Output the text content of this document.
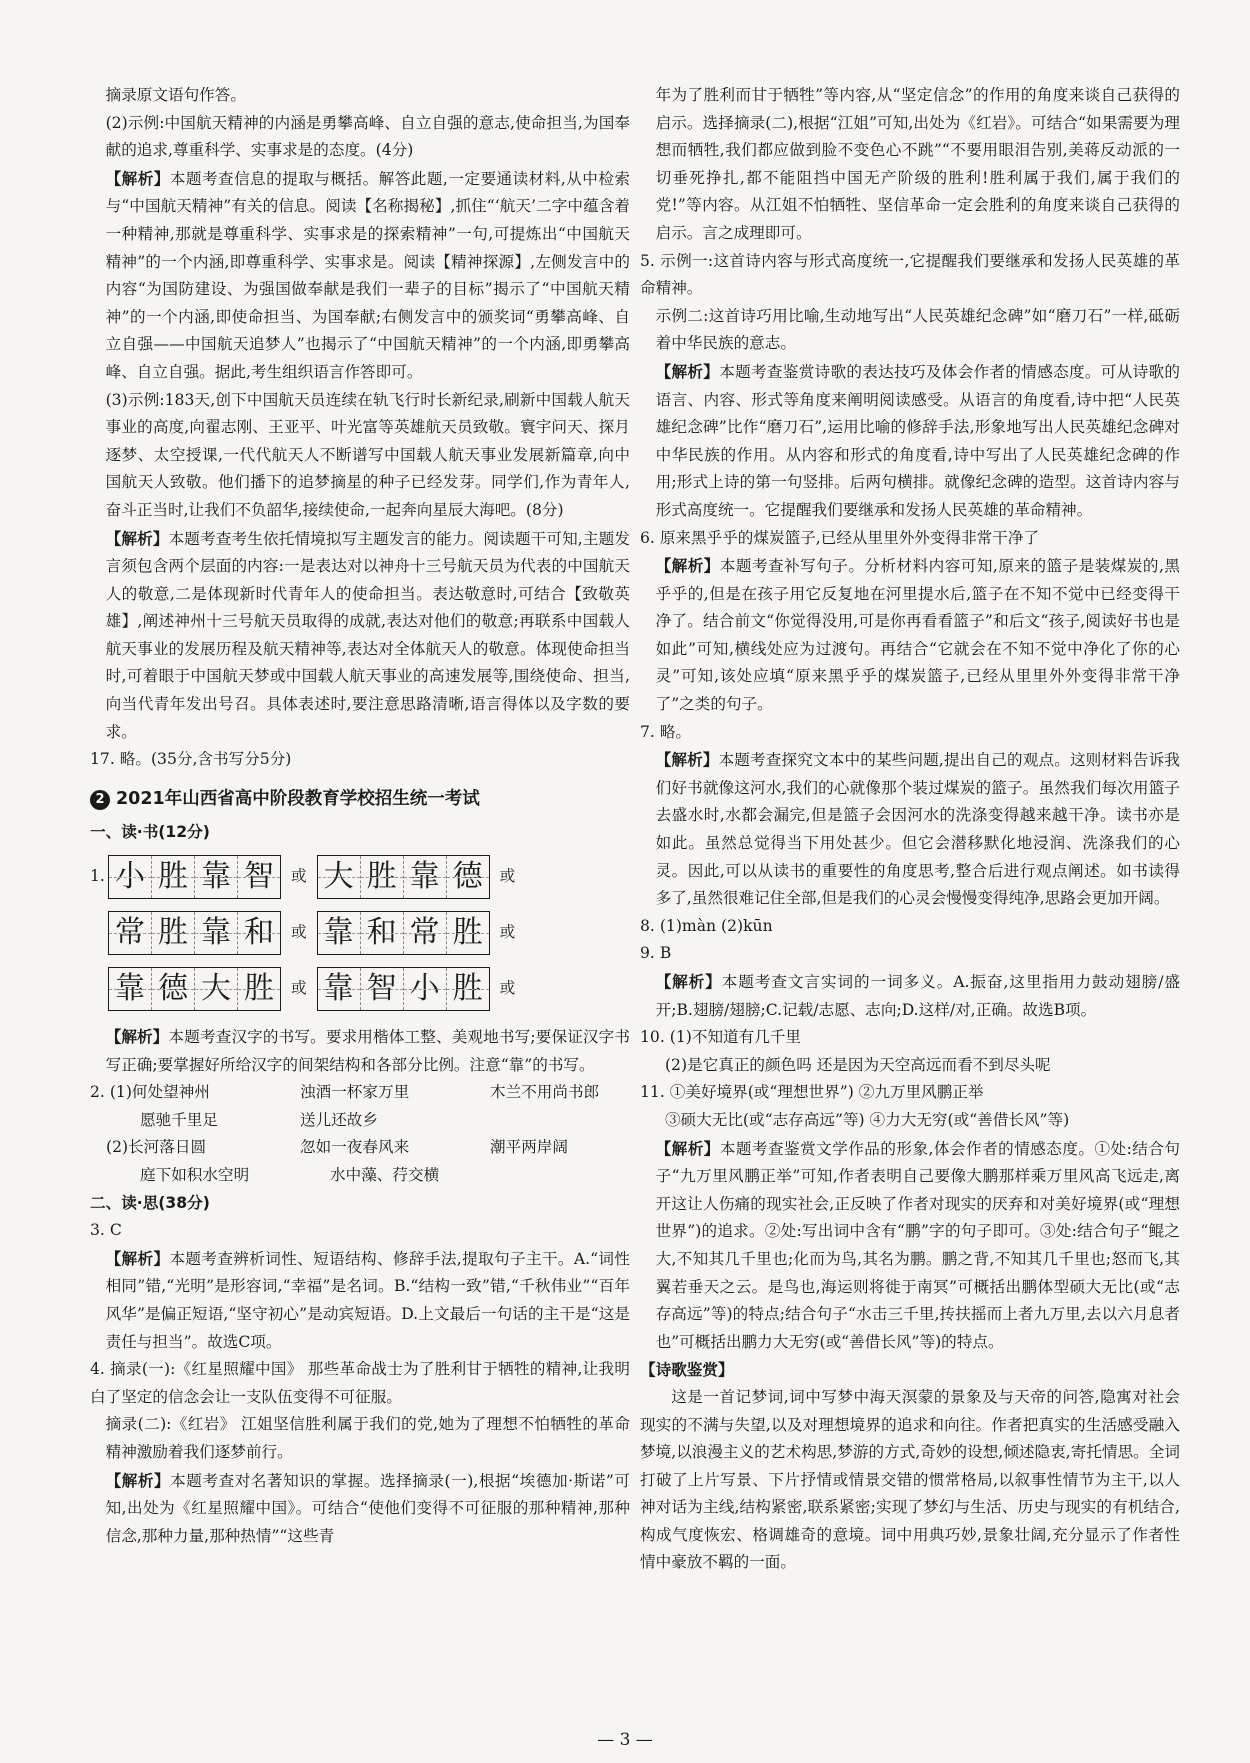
摘录原文语句作答。

(2)示例:中国航天精神的内涵是勇攀高峰、自立自强的意志,使命担当,为国奉献的追求,尊重科学、实事求是的态度。(4分)

【解析】本题考查信息的提取与概括。解答此题,一定要通读材料,从中检索与“中国航天精神”有关的信息。阅读【名称揭秘】,抓住“‘航天’二字中蕴含着一种精神,那就是尊重科学、实事求是的探索精神”一句,可提炼出“中国航天精神”的一个内涵,即尊重科学、实事求是。阅读【精神探源】,左侧发言中的内容“为国防建设、为强国做奉献是我们一辈子的目标”揭示了“中国航天精神”的一个内涵,即使命担当、为国奉献;右侧发言中的颁奖词“勇攀高峰、自立自强——中国航天追梦人”也揭示了“中国航天精神”的一个内涵,即勇攀高峰、自立自强。据此,考生组织语言作答即可。

(3)示例:183天,创下中国航天员连续在轨飞行时长新纪录,刷新中国载人航天事业的高度,向翟志刚、王亚平、叶光富等英雄航天员致敬。寰宇问天、探月逐梦、太空授课,一代代航天人不断谱写中国载人航天事业发展新篇章,向中国航天人致敬。他们播下的追梦摘星的种子已经发芽。同学们,作为青年人,奋斗正当时,让我们不负韶华,接续使命,一起奔向星辰大海吧。(8分)

【解析】本题考查考生依托情境拟写主题发言的能力。阅读题干可知,主题发言须包含两个层面的内容:一是表达对以神舟十三号航天员为代表的中国航天人的敬意,二是体现新时代青年人的使命担当。表达敬意时,可结合【致敬英雄】,阐述神州十三号航天员取得的成就,表达对他们的敬意;再联系中国载人航天事业的发展历程及航天精神等,表达对全体航天人的敬意。体现使命担当时,可着眼于中国航天梦或中国载人航天事业的高速发展等,围绕使命、担当,向当代青年发出号召。具体表述时,要注意思路清晰,语言得体以及字数的要求。

17. 略。(35分,含书写分5分)

2 2021年山西省高中阶段教育学校招生统一考试

一、读·书(12分)

1. 小 胜 靠 智	或 大 胜 靠 德	或
常 胜 靠 和	或 靠 和 常 胜	或
靠 德 大 胜	或 靠 智 小 胜	或

【解析】本题考查汉字的书写。要求用楷体工整、美观地书写;要保证汉字书写正确;要掌握好所给汉字的间架结构和各部分比例。注意“靠”的书写。

2. (1)何处望神州	浊酒一杯家万里	木兰不用尚书郎
愿驰千里足	送儿还故乡
(2)长河落日圆	忽如一夜春风来	潮平两岸阔
庭下如积水空明	水中藻、荇交横

二、读·思(38分)

3. C

【解析】本题考查辨析词性、短语结构、修辞手法,提取句子主干。A.“词性相同”错,“光明”是形容词,“幸福”是名词。B.“结构一致”错,“千秋伟业”“百年风华”是偏正短语,“坚守初心”是动宾短语。D.上文最后一句话的主干是“这是责任与担当”。故选C项。

4. 摘录(一):《红星照耀中国》 那些革命战士为了胜利甘于牺牲的精神,让我明白了坚定的信念会让一支队伍变得不可征服。

摘录(二):《红岩》 江姐坚信胜利属于我们的党,她为了理想不怕牺牲的革命精神激励着我们逐梦前行。

【解析】本题考查对名著知识的掌握。选择摘录(一),根据“埃德加·斯诺”可知,出处为《红星照耀中国》。可结合“使他们变得不可征服的那种精神,那种信念,那种力量,那种热情”“这些青

年为了胜利而甘于牺牲”等内容,从“坚定信念”的作用的角度来谈自己获得的启示。选择摘录(二),根据“江姐”可知,出处为《红岩》。可结合“如果需要为理想而牺牲,我们都应做到脸不变色心不跳”“不要用眼泪告别,美蒋反动派的一切垂死挣扎,都不能阻挡中国无产阶级的胜利!胜利属于我们,属于我们的党!”等内容。从江姐不怕牺牲、坚信革命一定会胜利的角度来谈自己获得的启示。言之成理即可。

5. 示例一:这首诗内容与形式高度统一,它提醒我们要继承和发扬人民英雄的革命精神。

示例二:这首诗巧用比喻,生动地写出“人民英雄纪念碑”如“磨刀石”一样,砥砺着中华民族的意志。

【解析】本题考查鉴赏诗歌的表达技巧及体会作者的情感态度。可从诗歌的语言、内容、形式等角度来阐明阅读感受。从语言的角度看,诗中把“人民英雄纪念碑”比作“磨刀石”,运用比喻的修辞手法,形象地写出人民英雄纪念碑对中华民族的作用。从内容和形式的角度看,诗中写出了人民英雄纪念碑的作用;形式上诗的第一句竖排。后两句横排。就像纪念碑的造型。这首诗内容与形式高度统一。它提醒我们要继承和发扬人民英雄的革命精神。

6. 原来黑乎乎的煤炭篮子,已经从里里外外变得非常干净了

【解析】本题考查补写句子。分析材料内容可知,原来的篮子是装煤炭的,黑乎乎的,但是在孩子用它反复地在河里提水后,篮子在不知不觉中已经变得干净了。结合前文“你觉得没用,可是你再看看篮子”和后文“孩子,阅读好书也是如此”可知,横线处应为过渡句。再结合“它就会在不知不觉中净化了你的心灵”可知,该处应填“原来黑乎乎的煤炭篮子,已经从里里外外变得非常干净了”之类的句子。

7. 略。

【解析】本题考查探究文本中的某些问题,提出自己的观点。这则材料告诉我们好书就像这河水,我们的心就像那个装过煤炭的篮子。虽然我们每次用篮子去盛水时,水都会漏完,但是篮子会因河水的洗涤变得越来越干净。读书亦是如此。虽然总觉得当下用处甚少。但它会潜移默化地浸润、洗涤我们的心灵。因此,可以从读书的重要性的角度思考,整合后进行观点阐述。如书读得多了,虽然很难记住全部,但是我们的心灵会慢慢变得纯净,思路会更加开阔。

8. (1)màn (2)kūn

9. B

【解析】本题考查文言实词的一词多义。A.振奋,这里指用力鼓动翅膀/盛开;B.翅膀/翅膀;C.记载/志愿、志向;D.这样/对,正确。故选B项。

10. (1)不知道有几千里

(2)是它真正的颜色吗 还是因为天空高远而看不到尽头呢

11. ①美好境界(或“理想世界”) ②九万里风鹏正举

③硕大无比(或“志存高远”等) ④力大无穷(或“善借长风”等)

【解析】本题考查鉴赏文学作品的形象,体会作者的情感态度。①处:结合句子“九万里风鹏正举”可知,作者表明自己要像大鹏那样乘万里风高飞远走,离开这让人伤痛的现实社会,正反映了作者对现实的厌弃和对美好境界(或“理想世界”)的追求。②处:写出词中含有“鹏”字的句子即可。③处:结合句子“鲲之大,不知其几千里也;化而为鸟,其名为鹏。鹏之背,不知其几千里也;怒而飞,其翼若垂天之云。是鸟也,海运则将徙于南冥”可概括出鹏体型硕大无比(或“志存高远”等)的特点;结合句子“水击三千里,抟扶摇而上者九万里,去以六月息者也”可概括出鹏力大无穷(或“善借长风”等)的特点。

【诗歌鉴赏】

这是一首记梦词,词中写梦中海天溟蒙的景象及与天帝的问答,隐寓对社会现实的不满与失望,以及对理想境界的追求和向往。作者把真实的生活感受融入梦境,以浪漫主义的艺术构思,梦游的方式,奇妙的设想,倾述隐衷,寄托情思。全词打破了上片写景、下片抒情或情景交错的惯常格局,以叙事性情节为主干,以人神对话为主线,结构紧密,联系紧密;实现了梦幻与生活、历史与现实的有机结合,构成气度恢宏、格调雄奇的意境。词中用典巧妙,景象壮阔,充分显示了作者性情中豪放不羁的一面。

— 3 —
